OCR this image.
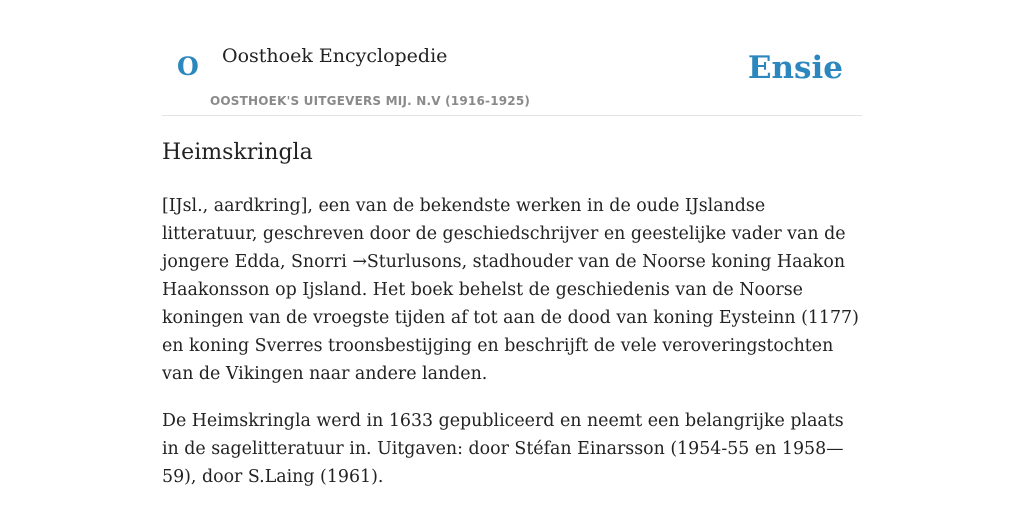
O Oosthoek Encyclopedie
OOSTHOEK'S UITGEVERS MIJ. N.V (1916-1925)
Ensie
Heimskringla

[IJsl., aardkring], een van de bekendste werken in de oude IJslandse litteratuur, geschreven door de geschiedschrijver en geestelijke vader van de jongere Edda, Snorri →Sturlusons, stadhouder van de Noorse koning Haakon Haakonsson op Ijsland. Het boek behelst de geschiedenis van de Noorse koningen van de vroegste tijden af tot aan de dood van koning Eysteinn (1177) en koning Sverres troonsbestijging en beschrijft de vele veroveringstochten van de Vikingen naar andere landen.

De Heimskringla werd in 1633 gepubliceerd en neemt een belangrijke plaats in de sagelitteratuur in. Uitgaven: door Stéfan Einarsson (1954-55 en 1958—59), door S.Laing (1961).
